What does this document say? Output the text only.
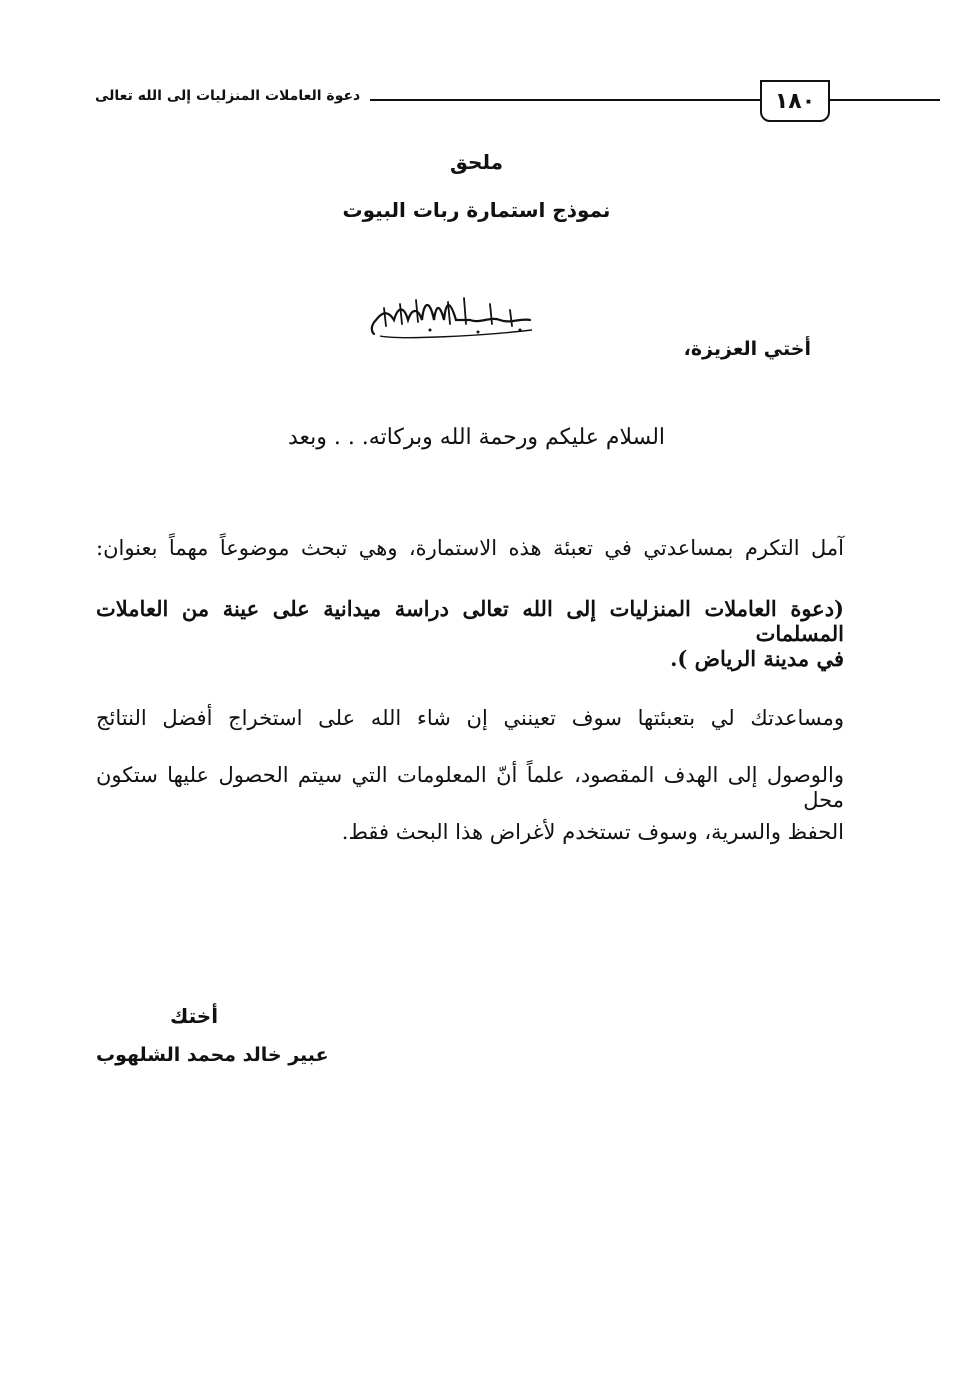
دعوة العاملات المنزليات إلى الله تعالى	١٨٠
ملحق
نموذج استمارة ربات البيوت
أختي العزيزة،
السلام عليكم ورحمة الله وبركاته. . . وبعد
آمل التكرم بمساعدتي في تعبئة هذه الاستمارة، وهي تبحث موضوعاً مهماً بعنوان:
(دعوة العاملات المنزليات إلى الله تعالى دراسة ميدانية على عينة من العاملات المسلمات
في مدينة الرياض ).
ومساعدتك لي بتعبئتها سوف تعينني إن شاء الله على استخراج أفضل النتائج
والوصول إلى الهدف المقصود، علماً أنّ المعلومات التي سيتم الحصول عليها ستكون محل
الحفظ والسرية، وسوف تستخدم لأغراض هذا البحث فقط.
أختك
عبير خالد محمد الشلهوب
